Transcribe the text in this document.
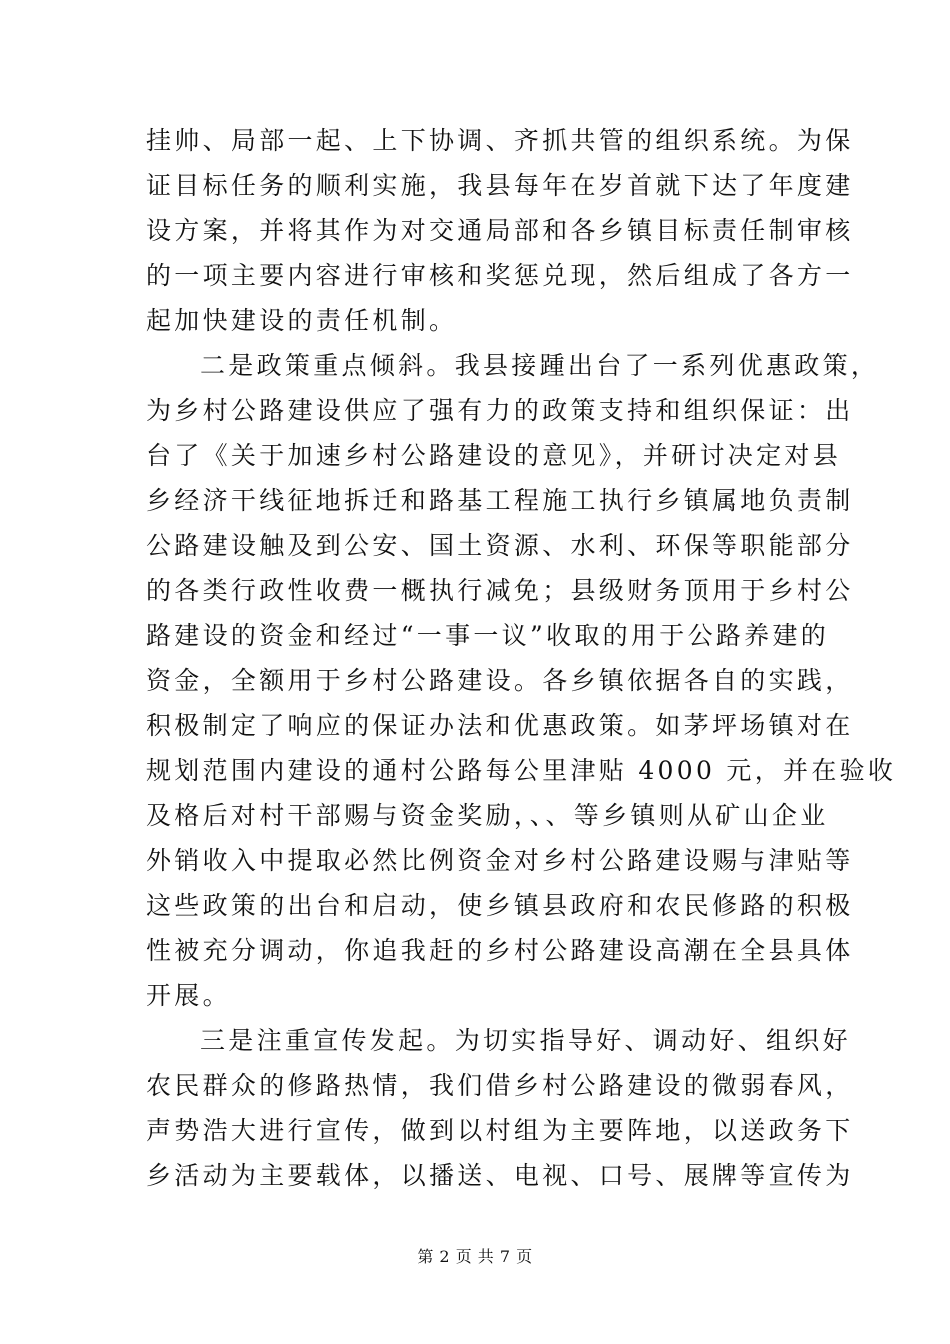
挂帅、局部一起、上下协调、齐抓共管的组织系统。为保
证目标任务的顺利实施，我县每年在岁首就下达了年度建
设方案，并将其作为对交通局部和各乡镇目标责任制审核
的一项主要内容进行审核和奖惩兑现，然后组成了各方一
起加快建设的责任机制。
二是政策重点倾斜。我县接踵出台了一系列优惠政策，
为乡村公路建设供应了强有力的政策支持和组织保证：出
台了《关于加速乡村公路建设的意见》，并研讨决定对县
乡经济干线征地拆迁和路基工程施工执行乡镇属地负责制
公路建设触及到公安、国土资源、水利、环保等职能部分
的各类行政性收费一概执行减免；县级财务顶用于乡村公
路建设的资金和经过“一事一议”收取的用于公路养建的
资金，全额用于乡村公路建设。各乡镇依据各自的实践，
积极制定了响应的保证办法和优惠政策。如茅坪场镇对在
规划范围内建设的通村公路每公里津贴 4000 元，并在验收
及格后对村干部赐与资金奖励，、、等乡镇则从矿山企业
外销收入中提取必然比例资金对乡村公路建设赐与津贴等
这些政策的出台和启动，使乡镇县政府和农民修路的积极
性被充分调动，你追我赶的乡村公路建设高潮在全县具体
开展。
三是注重宣传发起。为切实指导好、调动好、组织好
农民群众的修路热情，我们借乡村公路建设的微弱春风，
声势浩大进行宣传，做到以村组为主要阵地，以送政务下
乡活动为主要载体，以播送、电视、口号、展牌等宣传为
第 2 页 共 7 页
